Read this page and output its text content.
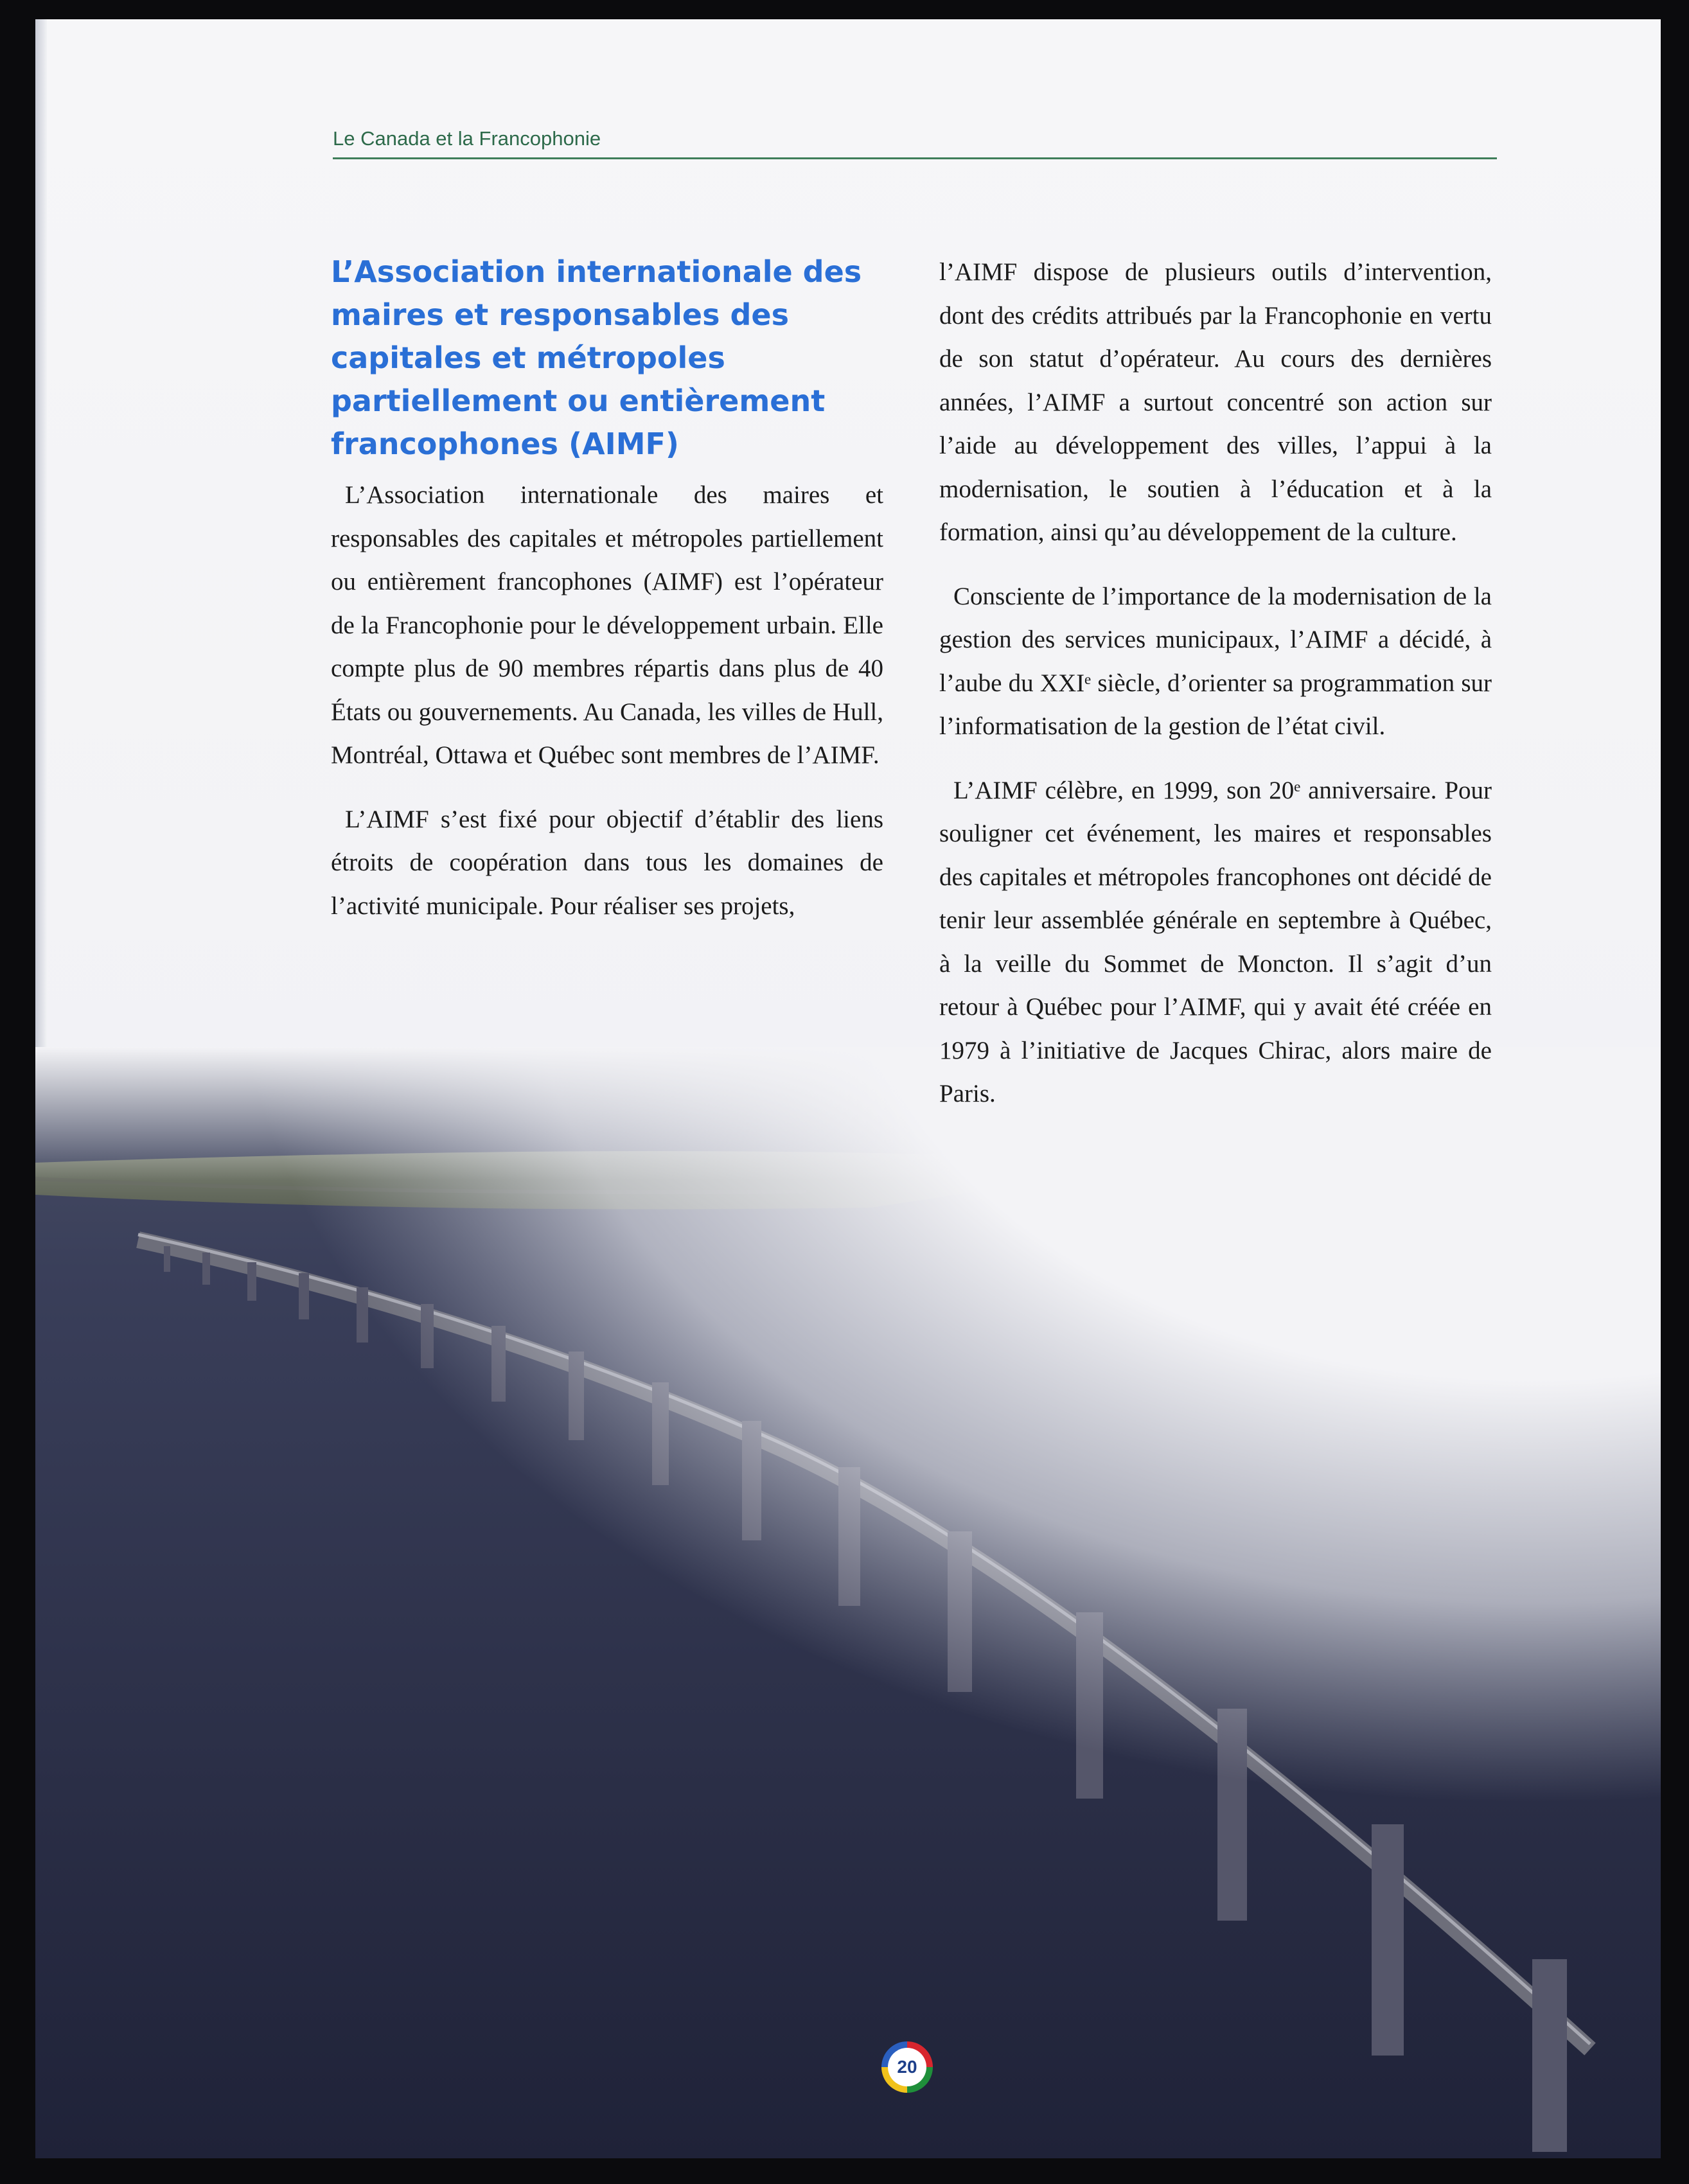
Le Canada et la Francophonie
L’Association internationale des maires et responsables des capitales et métropoles partiellement ou entièrement francophones (AIMF)

L’Association internationale des maires et responsables des capitales et métropoles partiellement ou entièrement francophones (AIMF) est l’opérateur de la Francophonie pour le développement urbain. Elle compte plus de 90 membres répartis dans plus de 40 États ou gouvernements. Au Canada, les villes de Hull, Montréal, Ottawa et Québec sont membres de l’AIMF.

L’AIMF s’est fixé pour objectif d’établir des liens étroits de coopération dans tous les domaines de l’activité municipale. Pour réaliser ses projets,

l’AIMF dispose de plusieurs outils d’intervention, dont des crédits attribués par la Francophonie en vertu de son statut d’opérateur. Au cours des dernières années, l’AIMF a surtout concentré son action sur l’aide au développement des villes, l’appui à la modernisation, le soutien à l’éducation et à la formation, ainsi qu’au développement de la culture.

Consciente de l’importance de la modernisation de la gestion des services municipaux, l’AIMF a décidé, à l’aube du XXIᵉ siècle, d’orienter sa programmation sur l’informatisation de la gestion de l’état civil.

L’AIMF célèbre, en 1999, son 20ᵉ anniversaire. Pour souligner cet événement, les maires et responsables des capitales et métropoles francophones ont décidé de tenir leur assemblée générale en septembre à Québec, à la veille du Sommet de Moncton. Il s’agit d’un retour à Québec pour l’AIMF, qui y avait été créée en 1979 à l’initiative de Jacques Chirac, alors maire de Paris.

20
